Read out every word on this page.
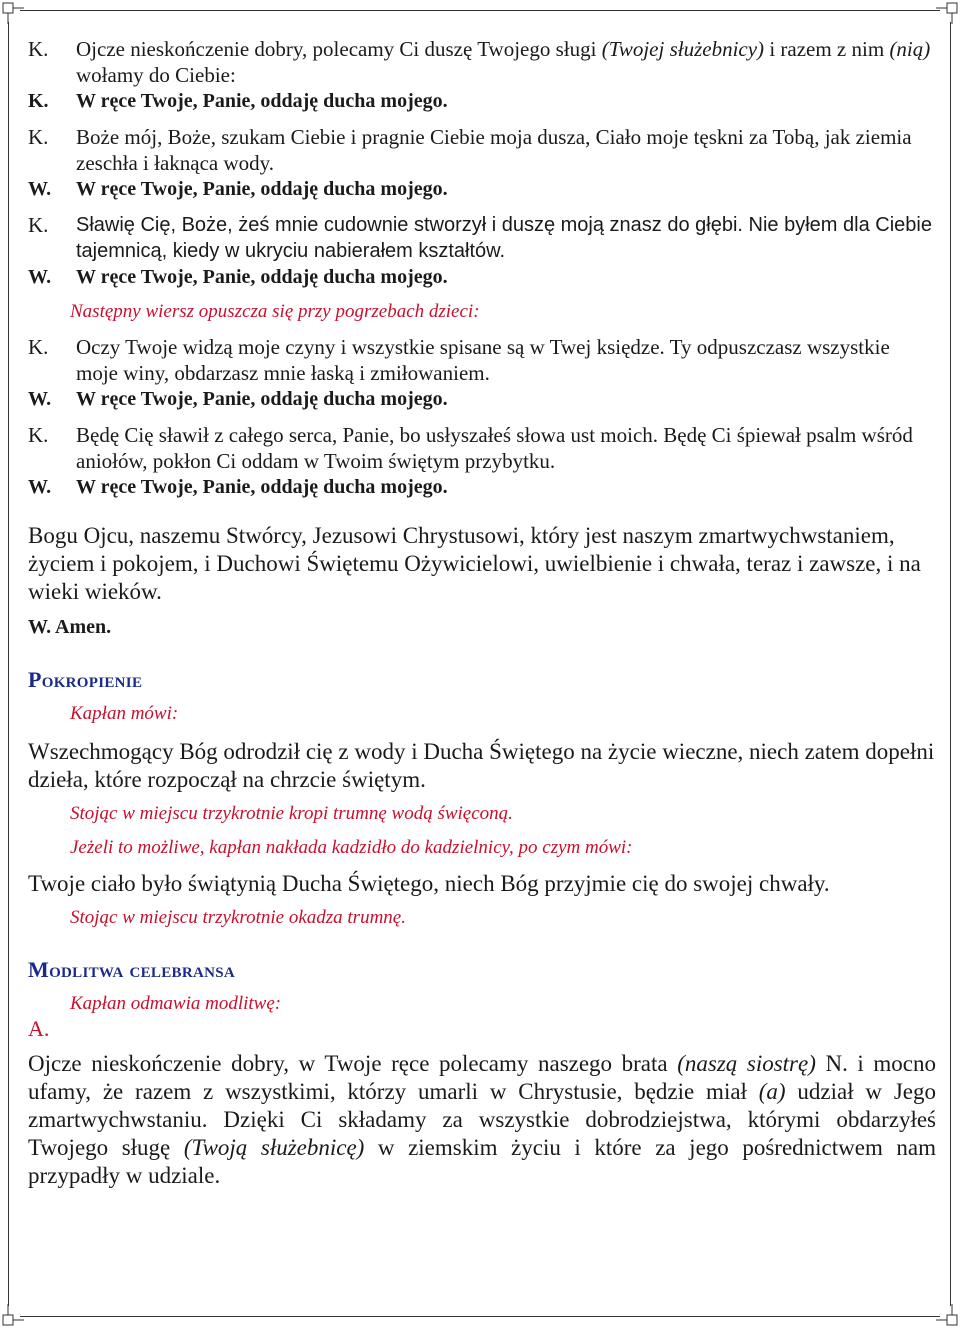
K.	Ojcze nieskończenie dobry, polecamy Ci duszę Twojego sługi (Twojej służebnicy) i razem z nim (nią) wołamy do Ciebie:
K.	W ręce Twoje, Panie, oddaję ducha mojego.
K.	Boże mój, Boże, szukam Ciebie i pragnie Ciebie moja dusza, Ciało moje tęskni za Tobą, jak ziemia zeschła i łaknąca wody.
W.	W ręce Twoje, Panie, oddaję ducha mojego.
K.	Sławię Cię, Boże, żeś mnie cudownie stworzył i duszę moją znasz do głębi. Nie byłem dla Ciebie tajemnicą, kiedy w ukryciu nabierałem kształtów.
W.	W ręce Twoje, Panie, oddaję ducha mojego.
Następny wiersz opuszcza się przy pogrzebach dzieci:
K.	Oczy Twoje widzą moje czyny i wszystkie spisane są w Twej księdze. Ty odpuszczasz wszystkie moje winy, obdarzasz mnie łaską i zmiłowaniem.
W.	W ręce Twoje, Panie, oddaję ducha mojego.
K.	Będę Cię sławił z całego serca, Panie, bo usłyszałeś słowa ust moich. Będę Ci śpiewał psalm wśród aniołów, pokłon Ci oddam w Twoim świętym przybytku.
W.	W ręce Twoje, Panie, oddaję ducha mojego.
Bogu Ojcu, naszemu Stwórcy, Jezusowi Chrystusowi, który jest naszym zmartwychwstaniem, życiem i pokojem, i Duchowi Świętemu Ożywicielowi, uwielbienie i chwała, teraz i zawsze, i na wieki wieków.
W. Amen.
Pokropienie
Kapłan mówi:
Wszechmogący Bóg odrodził cię z wody i Ducha Świętego na życie wieczne, niech zatem dopełni dzieła, które rozpoczął na chrzcie świętym.
Stojąc w miejscu trzykrotnie kropi trumnę wodą święconą.
Jeżeli to możliwe, kapłan nakłada kadzidło do kadzielnicy, po czym mówi:
Twoje ciało było świątynią Ducha Świętego, niech Bóg przyjmie cię do swojej chwały.
Stojąc w miejscu trzykrotnie okadza trumnę.
Modlitwa celebransa
Kapłan odmawia modlitwę:
A.
Ojcze nieskończenie dobry, w Twoje ręce polecamy naszego brata (naszą siostrę) N. i mocno ufamy, że razem z wszystkimi, którzy umarli w Chrystusie, będzie miał (a) udział w Jego zmartwychwstaniu. Dzięki Ci składamy za wszystkie dobrodziejstwa, którymi obdarzyłeś Twojego sługę (Twoją służebnicę) w ziemskim życiu i które za jego pośrednictwem nam przypadły w udziale.
